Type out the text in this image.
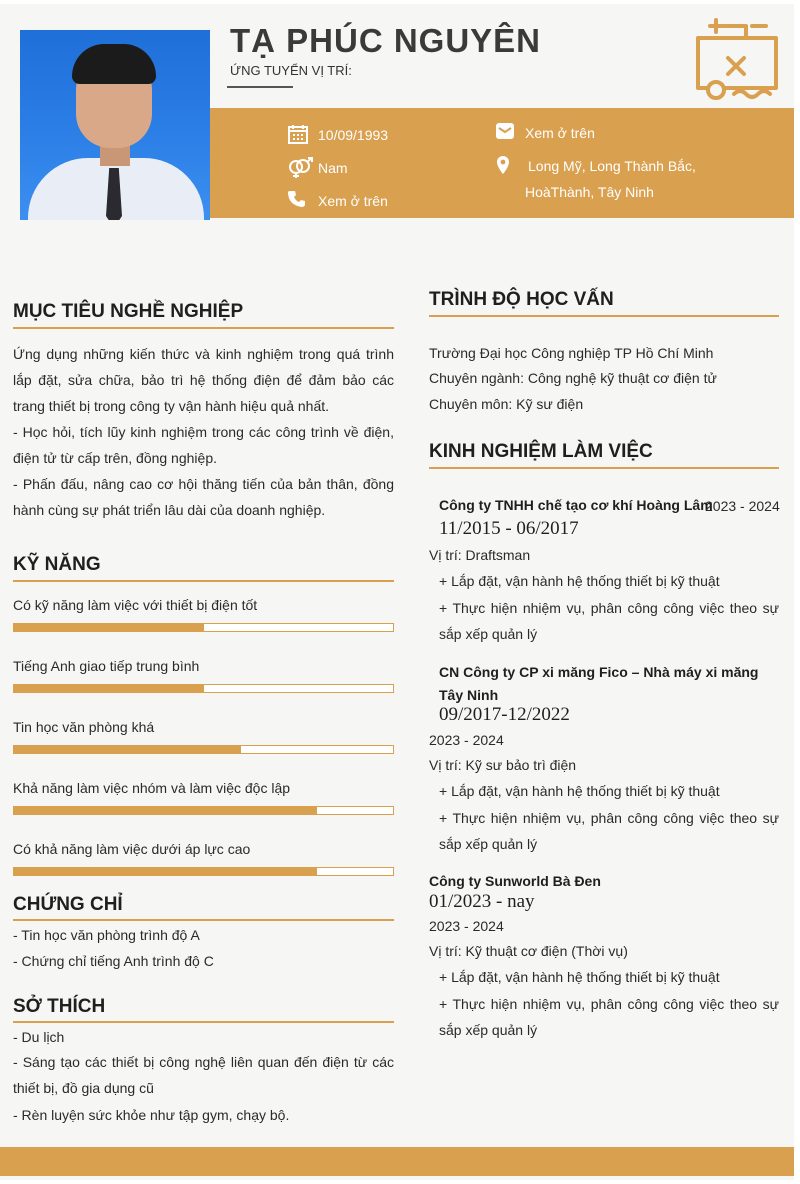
TẠ PHÚC NGUYÊN
ỨNG TUYỂN VỊ TRÍ:
10/09/1993
Nam
Xem ở trên
Xem ở trên
Long Mỹ, Long Thành Bắc,
HoàThành, Tây Ninh
MỤC TIÊU NGHỀ NGHIỆP
Ứng dụng những kiến thức và kinh nghiệm trong quá trình lắp đặt, sửa chữa, bảo trì hệ thống điện để đảm bảo các trang thiết bị trong công ty vận hành hiệu quả nhất.
- Học hỏi, tích lũy kinh nghiệm trong các công trình về điện, điện tử từ cấp trên, đồng nghiệp.
- Phấn đấu, nâng cao cơ hội thăng tiến của bản thân, đồng hành cùng sự phát triển lâu dài của doanh nghiệp.
KỸ NĂNG
Có kỹ năng làm việc với thiết bị điện tốt
Tiếng Anh giao tiếp trung bình
Tin học văn phòng khá
Khả năng làm việc nhóm và làm việc độc lập
Có khả năng làm việc dưới áp lực cao
CHỨNG CHỈ
- Tin học văn phòng trình độ A
- Chứng chỉ tiếng Anh trình độ C
SỞ THÍCH
- Du lịch
- Sáng tạo các thiết bị công nghệ liên quan đến điện từ các thiết bị, đồ gia dụng cũ
- Rèn luyện sức khỏe như tập gym, chạy bộ.
TRÌNH ĐỘ HỌC VẤN
Trường Đại học Công nghiệp TP Hồ Chí Minh
Chuyên ngành: Công nghệ kỹ thuật cơ điện tử
Chuyên môn: Kỹ sư điện
KINH NGHIỆM LÀM VIỆC
Công ty TNHH chế tạo cơ khí Hoàng Lâm
2023 - 2024
11/2015 - 06/2017
Vị trí: Draftsman
+ Lắp đặt, vận hành hệ thống thiết bị kỹ thuật
+ Thực hiện nhiệm vụ, phân công công việc theo sự sắp xếp quản lý
CN Công ty CP xi măng Fico – Nhà máy xi măng Tây Ninh
09/2017-12/2022
2023 - 2024
Vị trí: Kỹ sư bảo trì điện
+ Lắp đặt, vận hành hệ thống thiết bị kỹ thuật
+ Thực hiện nhiệm vụ, phân công công việc theo sự sắp xếp quản lý
Công ty Sunworld Bà Đen
01/2023 - nay
2023 - 2024
Vị trí: Kỹ thuật cơ điện (Thời vụ)
+ Lắp đặt, vận hành hệ thống thiết bị kỹ thuật
+ Thực hiện nhiệm vụ, phân công công việc theo sự sắp xếp quản lý
